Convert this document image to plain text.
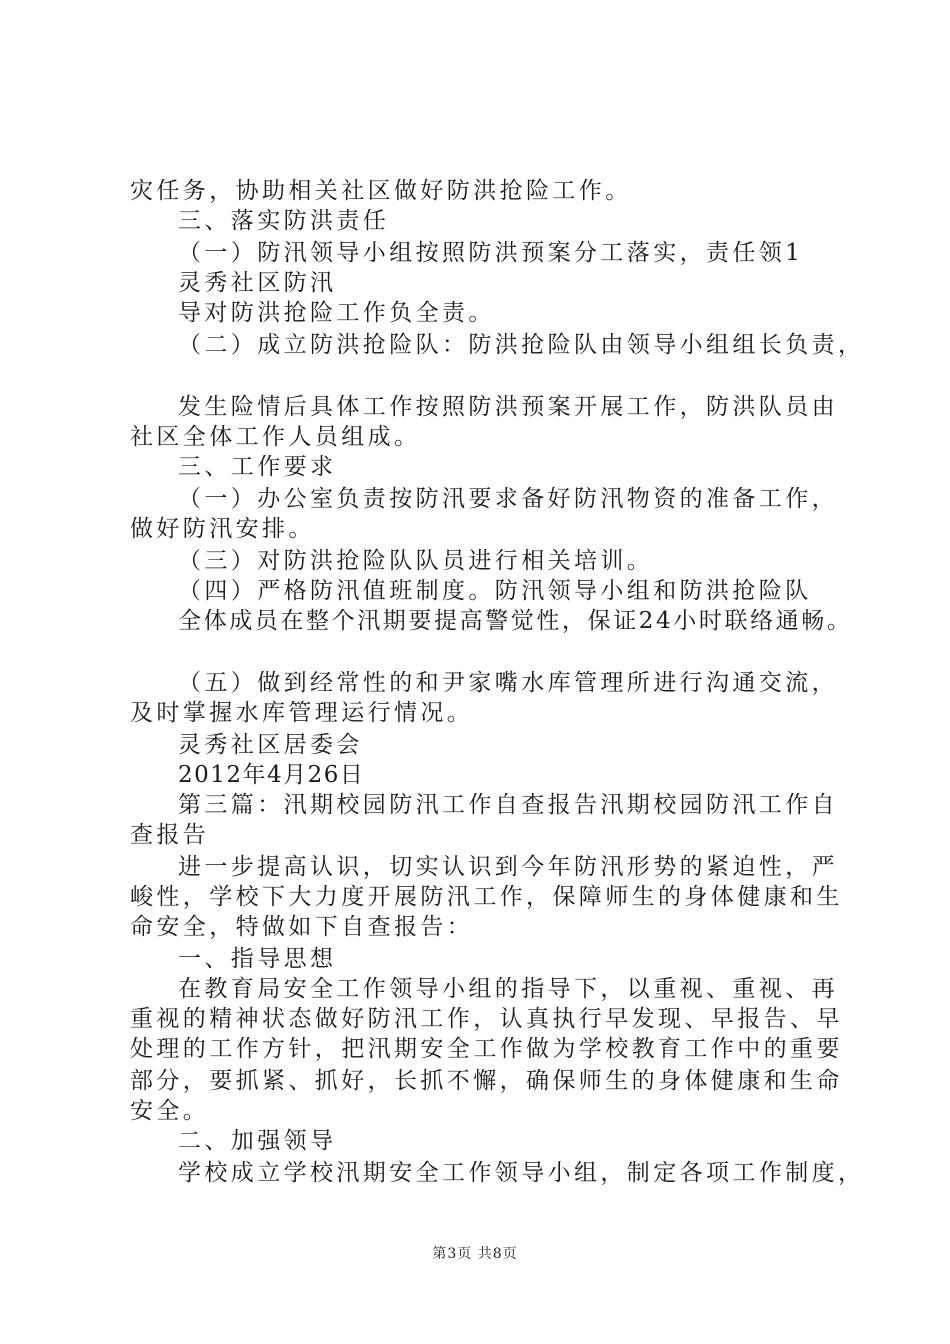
灾任务，协助相关社区做好防洪抢险工作。
三、落实防洪责任
（一）防汛领导小组按照防洪预案分工落实，责任领1
灵秀社区防汛
导对防洪抢险工作负全责。
（二）成立防洪抢险队：防洪抢险队由领导小组组长负责，
发生险情后具体工作按照防洪预案开展工作，防洪队员由
社区全体工作人员组成。
三、工作要求
（一）办公室负责按防汛要求备好防汛物资的准备工作，
做好防汛安排。
（三）对防洪抢险队队员进行相关培训。
（四）严格防汛值班制度。防汛领导小组和防洪抢险队
全体成员在整个汛期要提高警觉性，保证24小时联络通畅。
（五）做到经常性的和尹家嘴水库管理所进行沟通交流，
及时掌握水库管理运行情况。
灵秀社区居委会
2012年4月26日
第三篇：汛期校园防汛工作自查报告汛期校园防汛工作自
查报告
进一步提高认识，切实认识到今年防汛形势的紧迫性，严
峻性，学校下大力度开展防汛工作，保障师生的身体健康和生
命安全，特做如下自查报告：
一、指导思想
在教育局安全工作领导小组的指导下，以重视、重视、再
重视的精神状态做好防汛工作，认真执行早发现、早报告、早
处理的工作方针，把汛期安全工作做为学校教育工作中的重要
部分，要抓紧、抓好，长抓不懈，确保师生的身体健康和生命
安全。
二、加强领导
学校成立学校汛期安全工作领导小组，制定各项工作制度，
第3页 共8页
